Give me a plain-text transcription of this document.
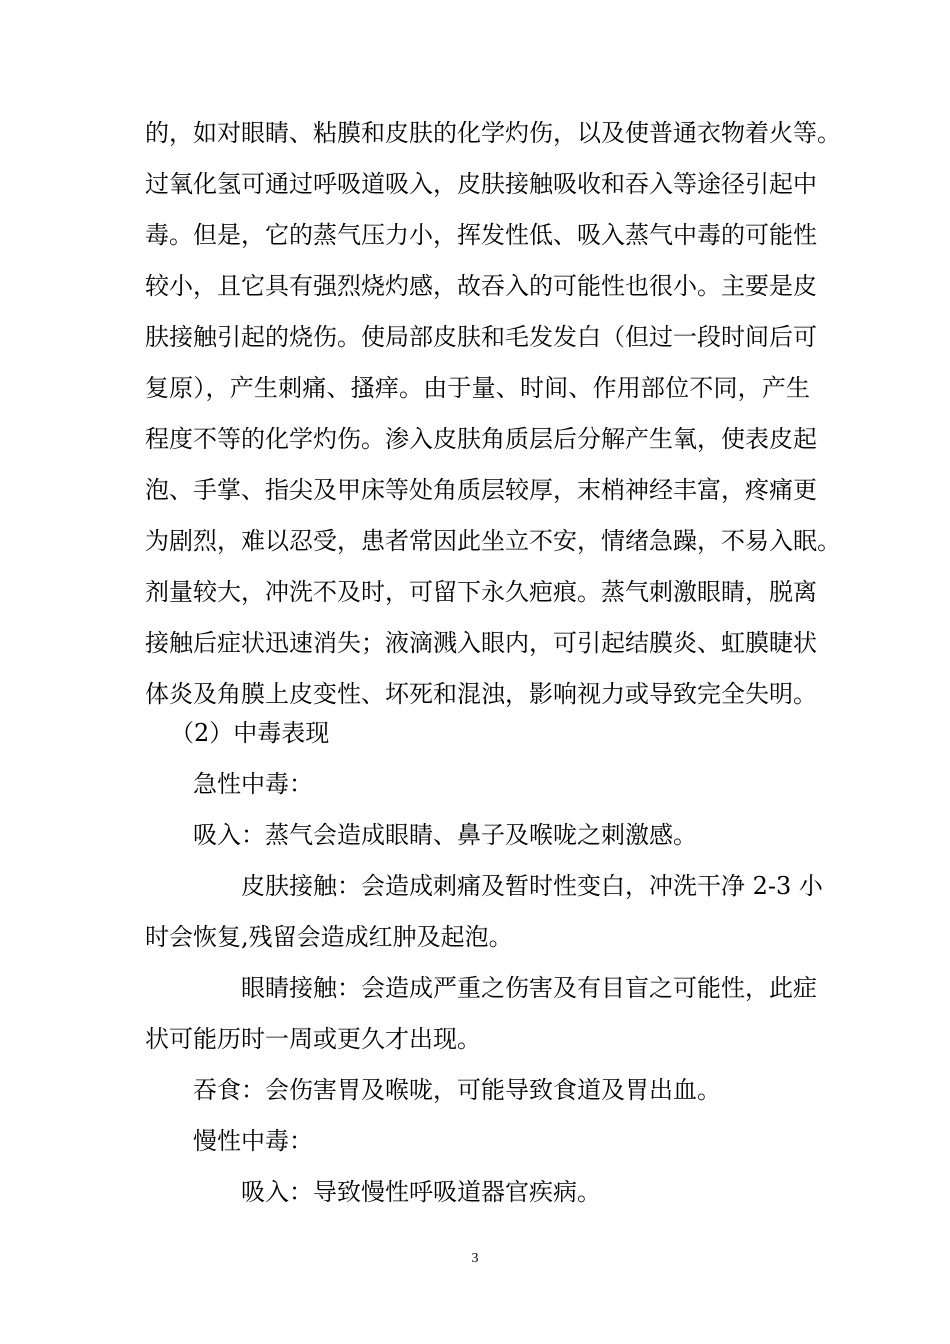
的，如对眼睛、粘膜和皮肤的化学灼伤，以及使普通衣物着火等。
过氧化氢可通过呼吸道吸入，皮肤接触吸收和吞入等途径引起中
毒。但是，它的蒸气压力小，挥发性低、吸入蒸气中毒的可能性
较小，且它具有强烈烧灼感，故吞入的可能性也很小。主要是皮
肤接触引起的烧伤。使局部皮肤和毛发发白（但过一段时间后可
复原），产生刺痛、搔痒。由于量、时间、作用部位不同，产生
程度不等的化学灼伤。渗入皮肤角质层后分解产生氧，使表皮起
泡、手掌、指尖及甲床等处角质层较厚，末梢神经丰富，疼痛更
为剧烈，难以忍受，患者常因此坐立不安，情绪急躁，不易入眠。
剂量较大，冲洗不及时，可留下永久疤痕。蒸气刺激眼睛，脱离
接触后症状迅速消失；液滴溅入眼内，可引起结膜炎、虹膜睫状
体炎及角膜上皮变性、坏死和混浊，影响视力或导致完全失明。
（2）中毒表现
急性中毒：
吸入：蒸气会造成眼睛、鼻子及喉咙之刺激感。
皮肤接触：会造成刺痛及暂时性变白，冲洗干净 2-3 小
时会恢复,残留会造成红肿及起泡。
眼睛接触：会造成严重之伤害及有目盲之可能性，此症
状可能历时一周或更久才出现。
吞食：会伤害胃及喉咙，可能导致食道及胃出血。
慢性中毒：
吸入：导致慢性呼吸道器官疾病。
3
